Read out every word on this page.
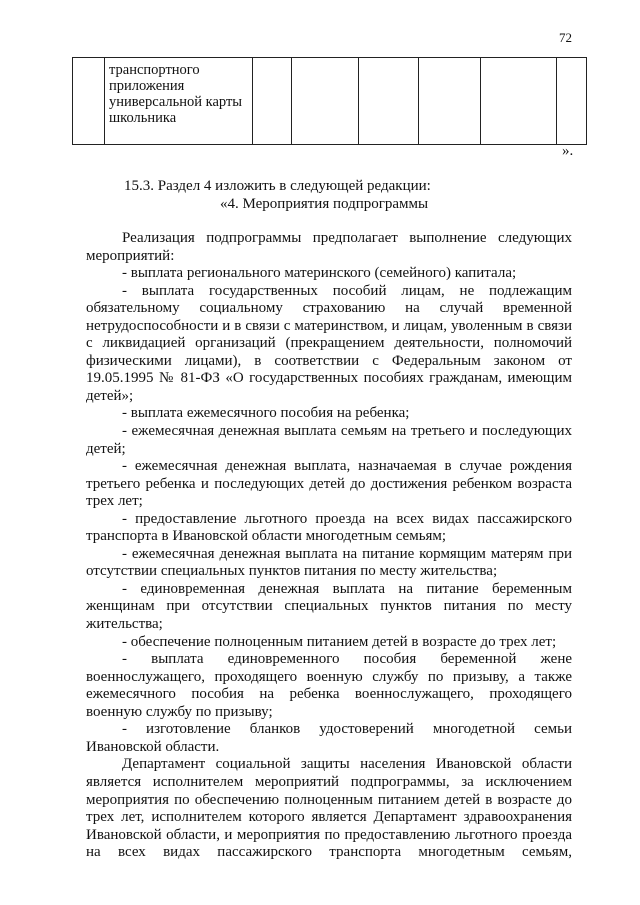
72

транспортного
приложения
универсальной карты
школьника

».
15.3. Раздел 4 изложить в следующей редакции:
«4. Мероприятия подпрограммы

Реализация подпрограммы предполагает выполнение следующих мероприятий:

- выплата регионального материнского (семейного) капитала;

- выплата государственных пособий лицам, не подлежащим обязательному социальному страхованию на случай временной нетрудоспособности и в связи с материнством, и лицам, уволенным в связи с ликвидацией организаций (прекращением деятельности, полномочий физическими лицами), в соответствии с Федеральным законом от 19.05.1995 № 81-ФЗ «О государственных пособиях гражданам, имеющим детей»;

- выплата ежемесячного пособия на ребенка;

- ежемесячная денежная выплата семьям на третьего и последующих детей;

- ежемесячная денежная выплата, назначаемая в случае рождения третьего ребенка и последующих детей до достижения ребенком возраста трех лет;

- предоставление льготного проезда на всех видах пассажирского транспорта в Ивановской области многодетным семьям;

- ежемесячная денежная выплата на питание кормящим матерям при отсутствии специальных пунктов питания по месту жительства;

- единовременная денежная выплата на питание беременным женщинам при отсутствии специальных пунктов питания по месту жительства;

- обеспечение полноценным питанием детей в возрасте до трех лет;

- выплата единовременного пособия беременной жене военнослужащего, проходящего военную службу по призыву, а также ежемесячного пособия на ребенка военнослужащего, проходящего военную службу по призыву;

- изготовление бланков удостоверений многодетной семьи Ивановской области.

Департамент социальной защиты населения Ивановской области является исполнителем мероприятий подпрограммы, за исключением мероприятия по обеспечению полноценным питанием детей в возрасте до трех лет, исполнителем которого является Департамент здравоохранения Ивановской области, и мероприятия по предоставлению льготного проезда на всех видах пассажирского транспорта многодетным семьям,
